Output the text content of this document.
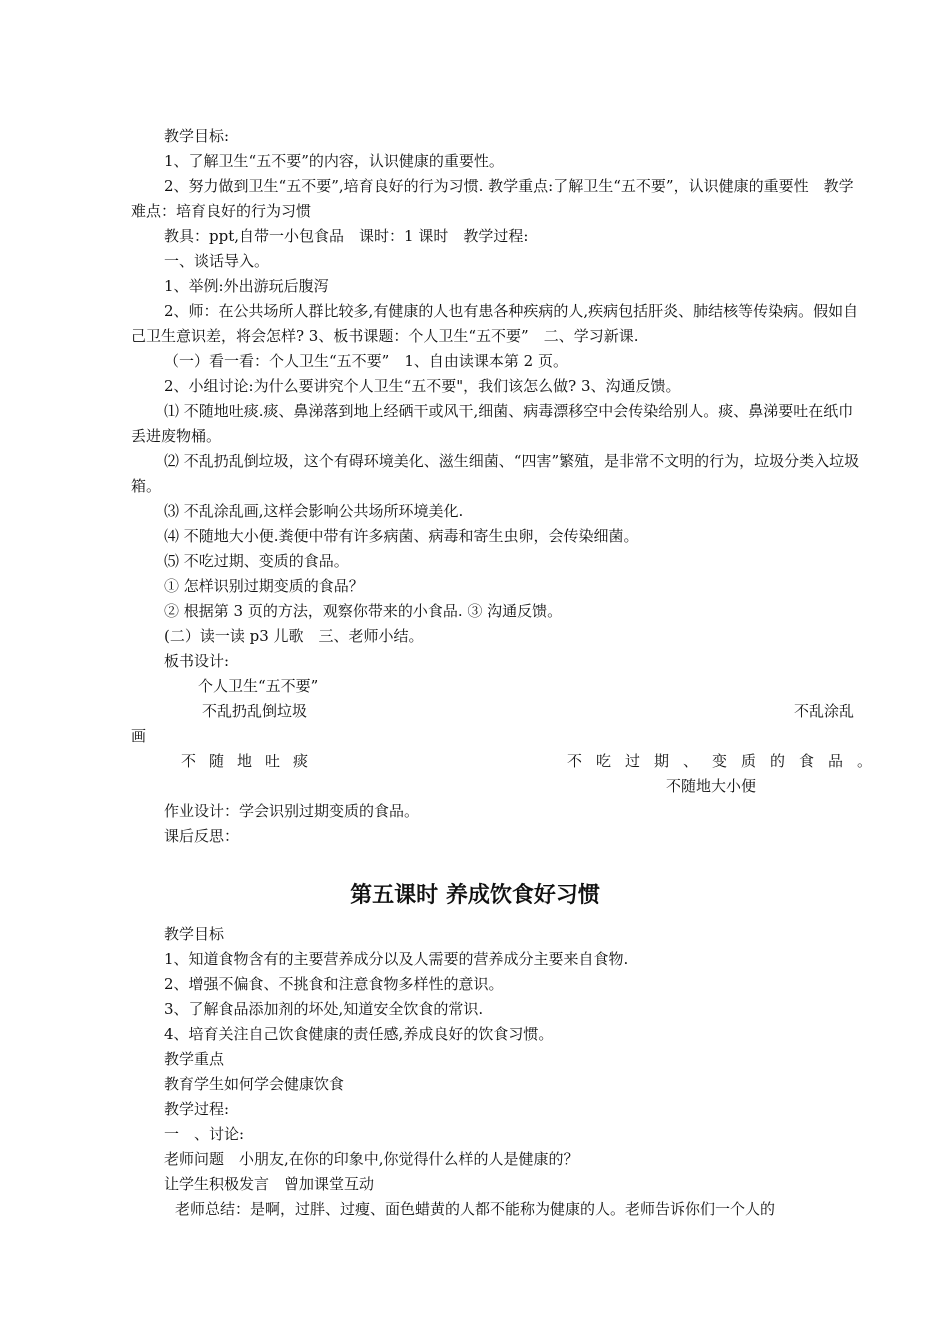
教学目标:
1、了解卫生“五不要”的内容，认识健康的重要性。
2、努力做到卫生“五不要”,培育良好的行为习惯. 教学重点:了解卫生“五不要”，认识健康的重要性　教学难点：培育良好的行为习惯
教具：ppt,自带一小包食品　课时：1 课时　教学过程:
一、谈话导入。
1、举例:外出游玩后腹泻
2、师：在公共场所人群比较多,有健康的人也有患各种疾病的人,疾病包括肝炎、肺结核等传染病。假如自己卫生意识差，将会怎样? 3、板书课题：个人卫生“五不要”　二、学习新课.
（一）看一看：个人卫生“五不要”　1、自由读课本第 2 页。
2、小组讨论:为什么要讲究个人卫生“五不要"，我们该怎么做? 3、沟通反馈。
⑴ 不随地吐痰.痰、鼻涕落到地上经硒干或风干,细菌、病毒漂移空中会传染给别人。痰、鼻涕要吐在纸巾丢进废物桶。
⑵ 不乱扔乱倒垃圾，这个有碍环境美化、滋生细菌、“四害”繁殖，是非常不文明的行为，垃圾分类入垃圾箱。
⑶ 不乱涂乱画,这样会影响公共场所环境美化.
⑷ 不随地大小便.粪便中带有许多病菌、病毒和寄生虫卵，会传染细菌。
⑸ 不吃过期、变质的食品。
① 怎样识别过期变质的食品？
② 根据第 3 页的方法，观察你带来的小食品. ③ 沟通反馈。
(二）读一读 p3 儿歌　三、老师小结。
板书设计:
个人卫生“五不要”
不乱扔乱倒垃圾	不乱涂乱
画
不随地吐痰	不吃过期、变质的食品。
不随地大小便
作业设计：学会识别过期变质的食品。
课后反思：
第五课时 养成饮食好习惯
教学目标
1、知道食物含有的主要营养成分以及人需要的营养成分主要来自食物.
2、增强不偏食、不挑食和注意食物多样性的意识。
3、了解食品添加剂的坏处,知道安全饮食的常识.
4、培育关注自己饮食健康的责任感,养成良好的饮食习惯。
教学重点
教育学生如何学会健康饮食
教学过程:
一　、讨论:
老师问题　小朋友,在你的印象中,你觉得什么样的人是健康的？
让学生积极发言　曾加课堂互动
老师总结：是啊，过胖、过瘦、面色蜡黄的人都不能称为健康的人。老师告诉你们一个人的
